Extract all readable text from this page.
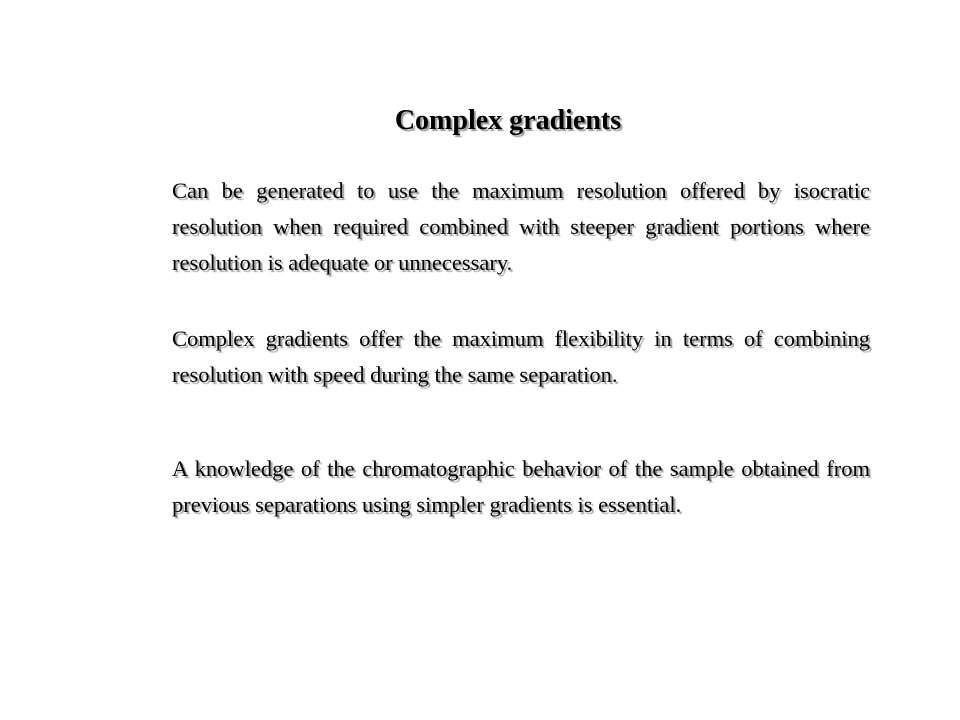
Complex gradients

Can be generated to use the maximum resolution offered by isocratic resolution when required combined with steeper gradient portions where resolution is adequate or unnecessary.

Complex gradients offer the maximum flexibility in terms of combining resolution with speed during the same separation.

A knowledge of the chromatographic behavior of the sample obtained from previous separations using simpler gradients is essential.
